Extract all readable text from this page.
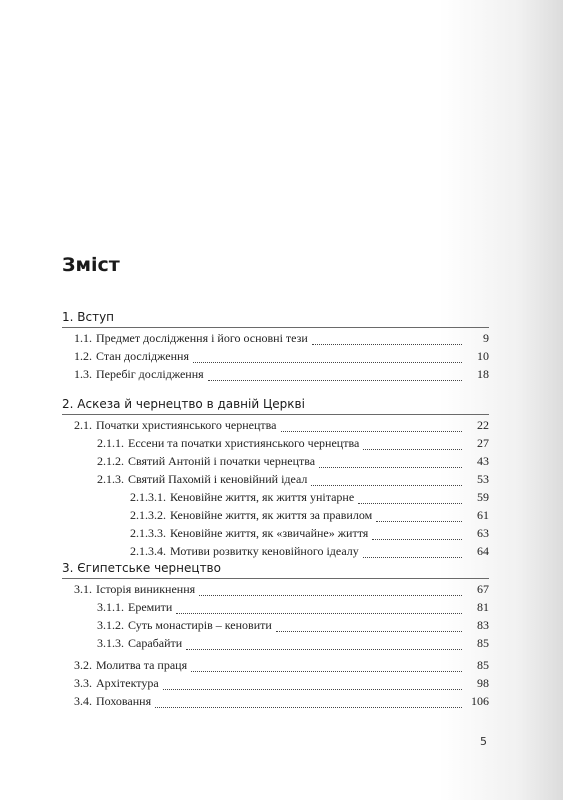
Зміст
1. Вступ
1.1. Предмет дослідження і його основні тези	9
1.2. Стан дослідження	10
1.3. Перебіг дослідження	18
2. Аскеза й чернецтво в давній Церкві
2.1. Початки християнського чернецтва	22
2.1.1. Ессени та початки християнського чернецтва	27
2.1.2. Святий Антоній і початки чернецтва	43
2.1.3. Святий Пахомій і кеновійний ідеал	53
2.1.3.1. Кеновійне життя, як життя унітарне	59
2.1.3.2. Кеновійне життя, як життя за правилом	61
2.1.3.3. Кеновійне життя, як «звичайне» життя	63
2.1.3.4. Мотиви розвитку кеновійного ідеалу	64
3. Єгипетське чернецтво
3.1. Історія виникнення	67
3.1.1. Еремити	81
3.1.2. Суть монастирів – кеновити	83
3.1.3. Сарабайти	85
3.2. Молитва та праця	85
3.3. Архітектура	98
3.4. Поховання	106
5
